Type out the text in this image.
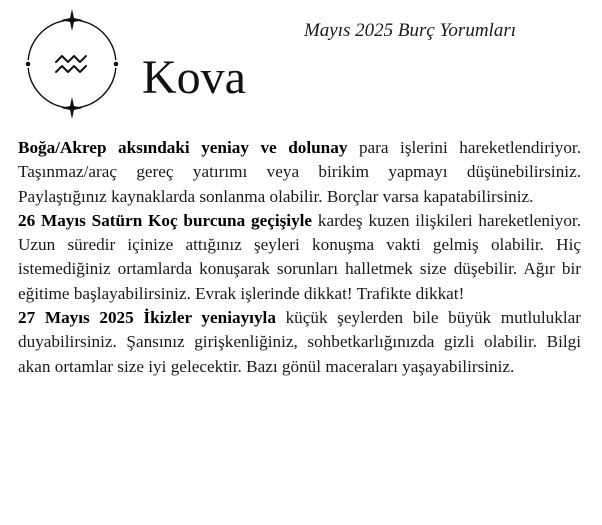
Mayıs 2025 Burç Yorumları
Kova

Boğa/Akrep aksındaki yeniay ve dolunay para işlerini hareketlendiriyor. Taşınmaz/araç gereç yatırımı veya birikim yapmayı düşünebilirsiniz. Paylaştığınız kaynaklarda sonlanma olabilir. Borçlar varsa kapatabilirsiniz.

26 Mayıs Satürn Koç burcuna geçişiyle kardeş kuzen ilişkileri hareketleniyor. Uzun süredir içinize attığınız şeyleri konuşma vakti gelmiş olabilir. Hiç istemediğiniz ortamlarda konuşarak sorunları halletmek size düşebilir. Ağır bir eğitime başlayabilirsiniz. Evrak işlerinde dikkat! Trafikte dikkat!

27 Mayıs 2025 İkizler yeniayıyla küçük şeylerden bile büyük mutluluklar duyabilirsiniz. Şansınız girişkenliğiniz, sohbetkarlığınızda gizli olabilir. Bilgi akan ortamlar size iyi gelecektir. Bazı gönül maceraları yaşayabilirsiniz.
